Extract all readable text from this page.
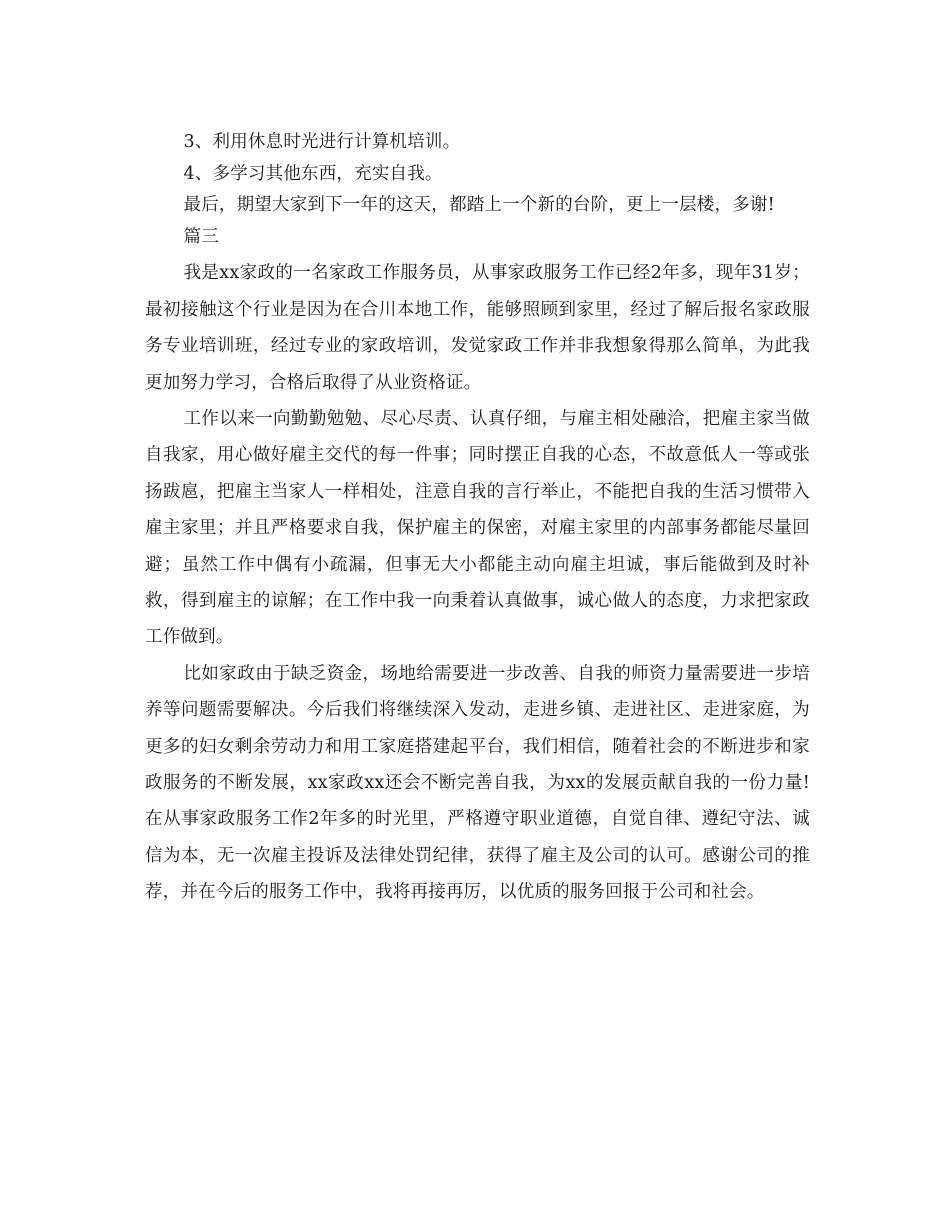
3、利用休息时光进行计算机培训。

4、多学习其他东西，充实自我。

最后，期望大家到下一年的这天，都踏上一个新的台阶，更上一层楼，多谢!

篇三

我是xx家政的一名家政工作服务员，从事家政服务工作已经2年多，现年31岁；最初接触这个行业是因为在合川本地工作，能够照顾到家里，经过了解后报名家政服务专业培训班，经过专业的家政培训，发觉家政工作并非我想象得那么简单，为此我更加努力学习，合格后取得了从业资格证。

工作以来一向勤勤勉勉、尽心尽责、认真仔细，与雇主相处融洽，把雇主家当做自我家，用心做好雇主交代的每一件事；同时摆正自我的心态，不故意低人一等或张扬跋扈，把雇主当家人一样相处，注意自我的言行举止，不能把自我的生活习惯带入雇主家里；并且严格要求自我，保护雇主的保密，对雇主家里的内部事务都能尽量回避；虽然工作中偶有小疏漏，但事无大小都能主动向雇主坦诚，事后能做到及时补救，得到雇主的谅解；在工作中我一向秉着认真做事，诚心做人的态度，力求把家政工作做到。

比如家政由于缺乏资金，场地给需要进一步改善、自我的师资力量需要进一步培养等问题需要解决。今后我们将继续深入发动，走进乡镇、走进社区、走进家庭，为更多的妇女剩余劳动力和用工家庭搭建起平台，我们相信，随着社会的不断进步和家政服务的不断发展，xx家政xx还会不断完善自我，为xx的发展贡献自我的一份力量!在从事家政服务工作2年多的时光里，严格遵守职业道德，自觉自律、遵纪守法、诚信为本，无一次雇主投诉及法律处罚纪律，获得了雇主及公司的认可。感谢公司的推荐，并在今后的服务工作中，我将再接再厉，以优质的服务回报于公司和社会。
